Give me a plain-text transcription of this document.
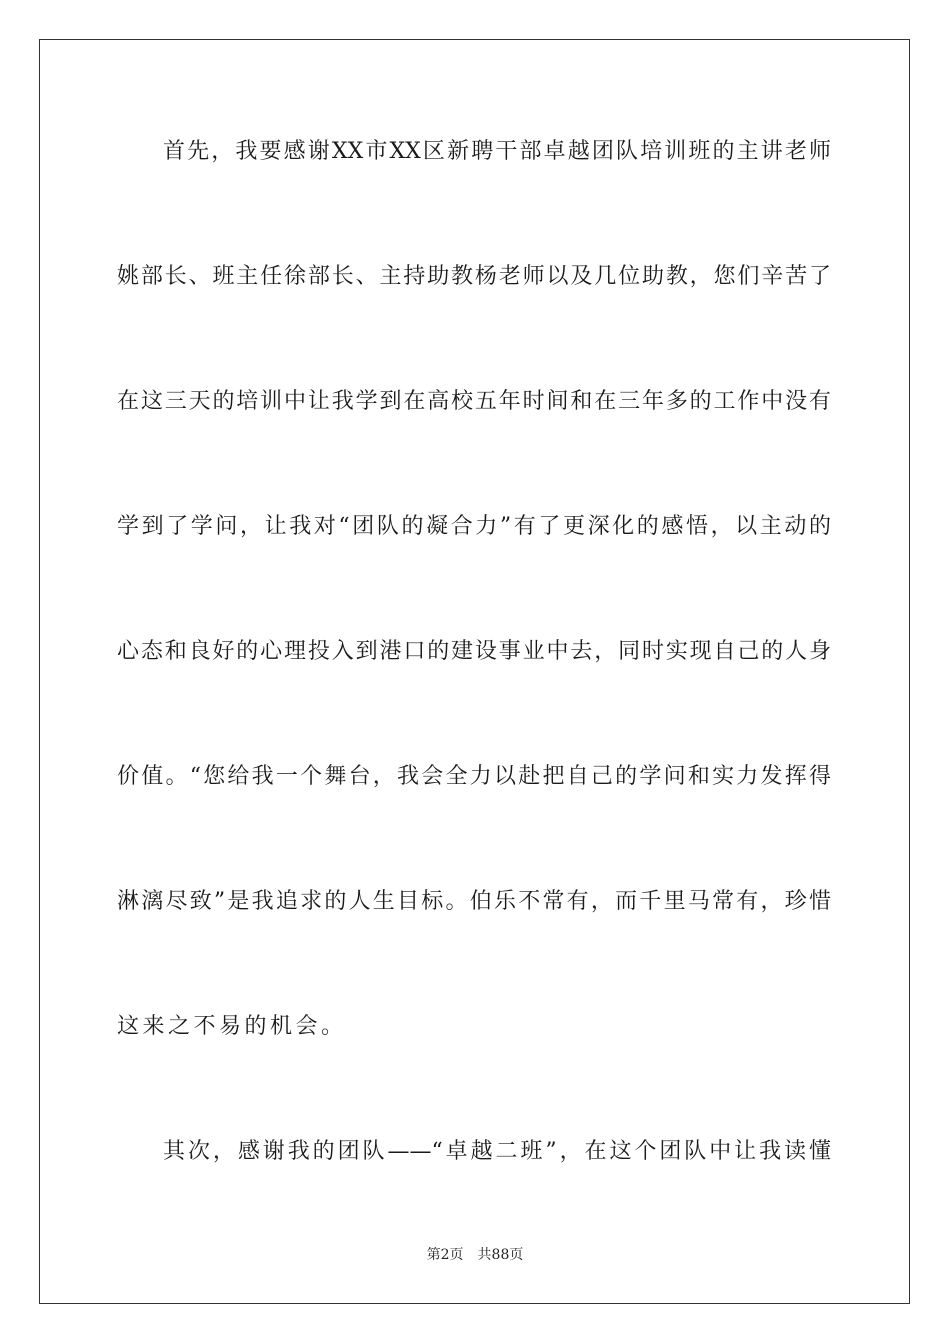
首先，我要感谢XX市XX区新聘干部卓越团队培训班的主讲老师
姚部长、班主任徐部长、主持助教杨老师以及几位助教，您们辛苦了
在这三天的培训中让我学到在高校五年时间和在三年多的工作中没有
学到了学问，让我对“团队的凝合力”有了更深化的感悟，以主动的
心态和良好的心理投入到港口的建设事业中去，同时实现自己的人身
价值。“您给我一个舞台，我会全力以赴把自己的学问和实力发挥得
淋漓尽致”是我追求的人生目标。伯乐不常有，而千里马常有，珍惜
这来之不易的机会。
其次，感谢我的团队——“卓越二班”，在这个团队中让我读懂
第2页 共88页
